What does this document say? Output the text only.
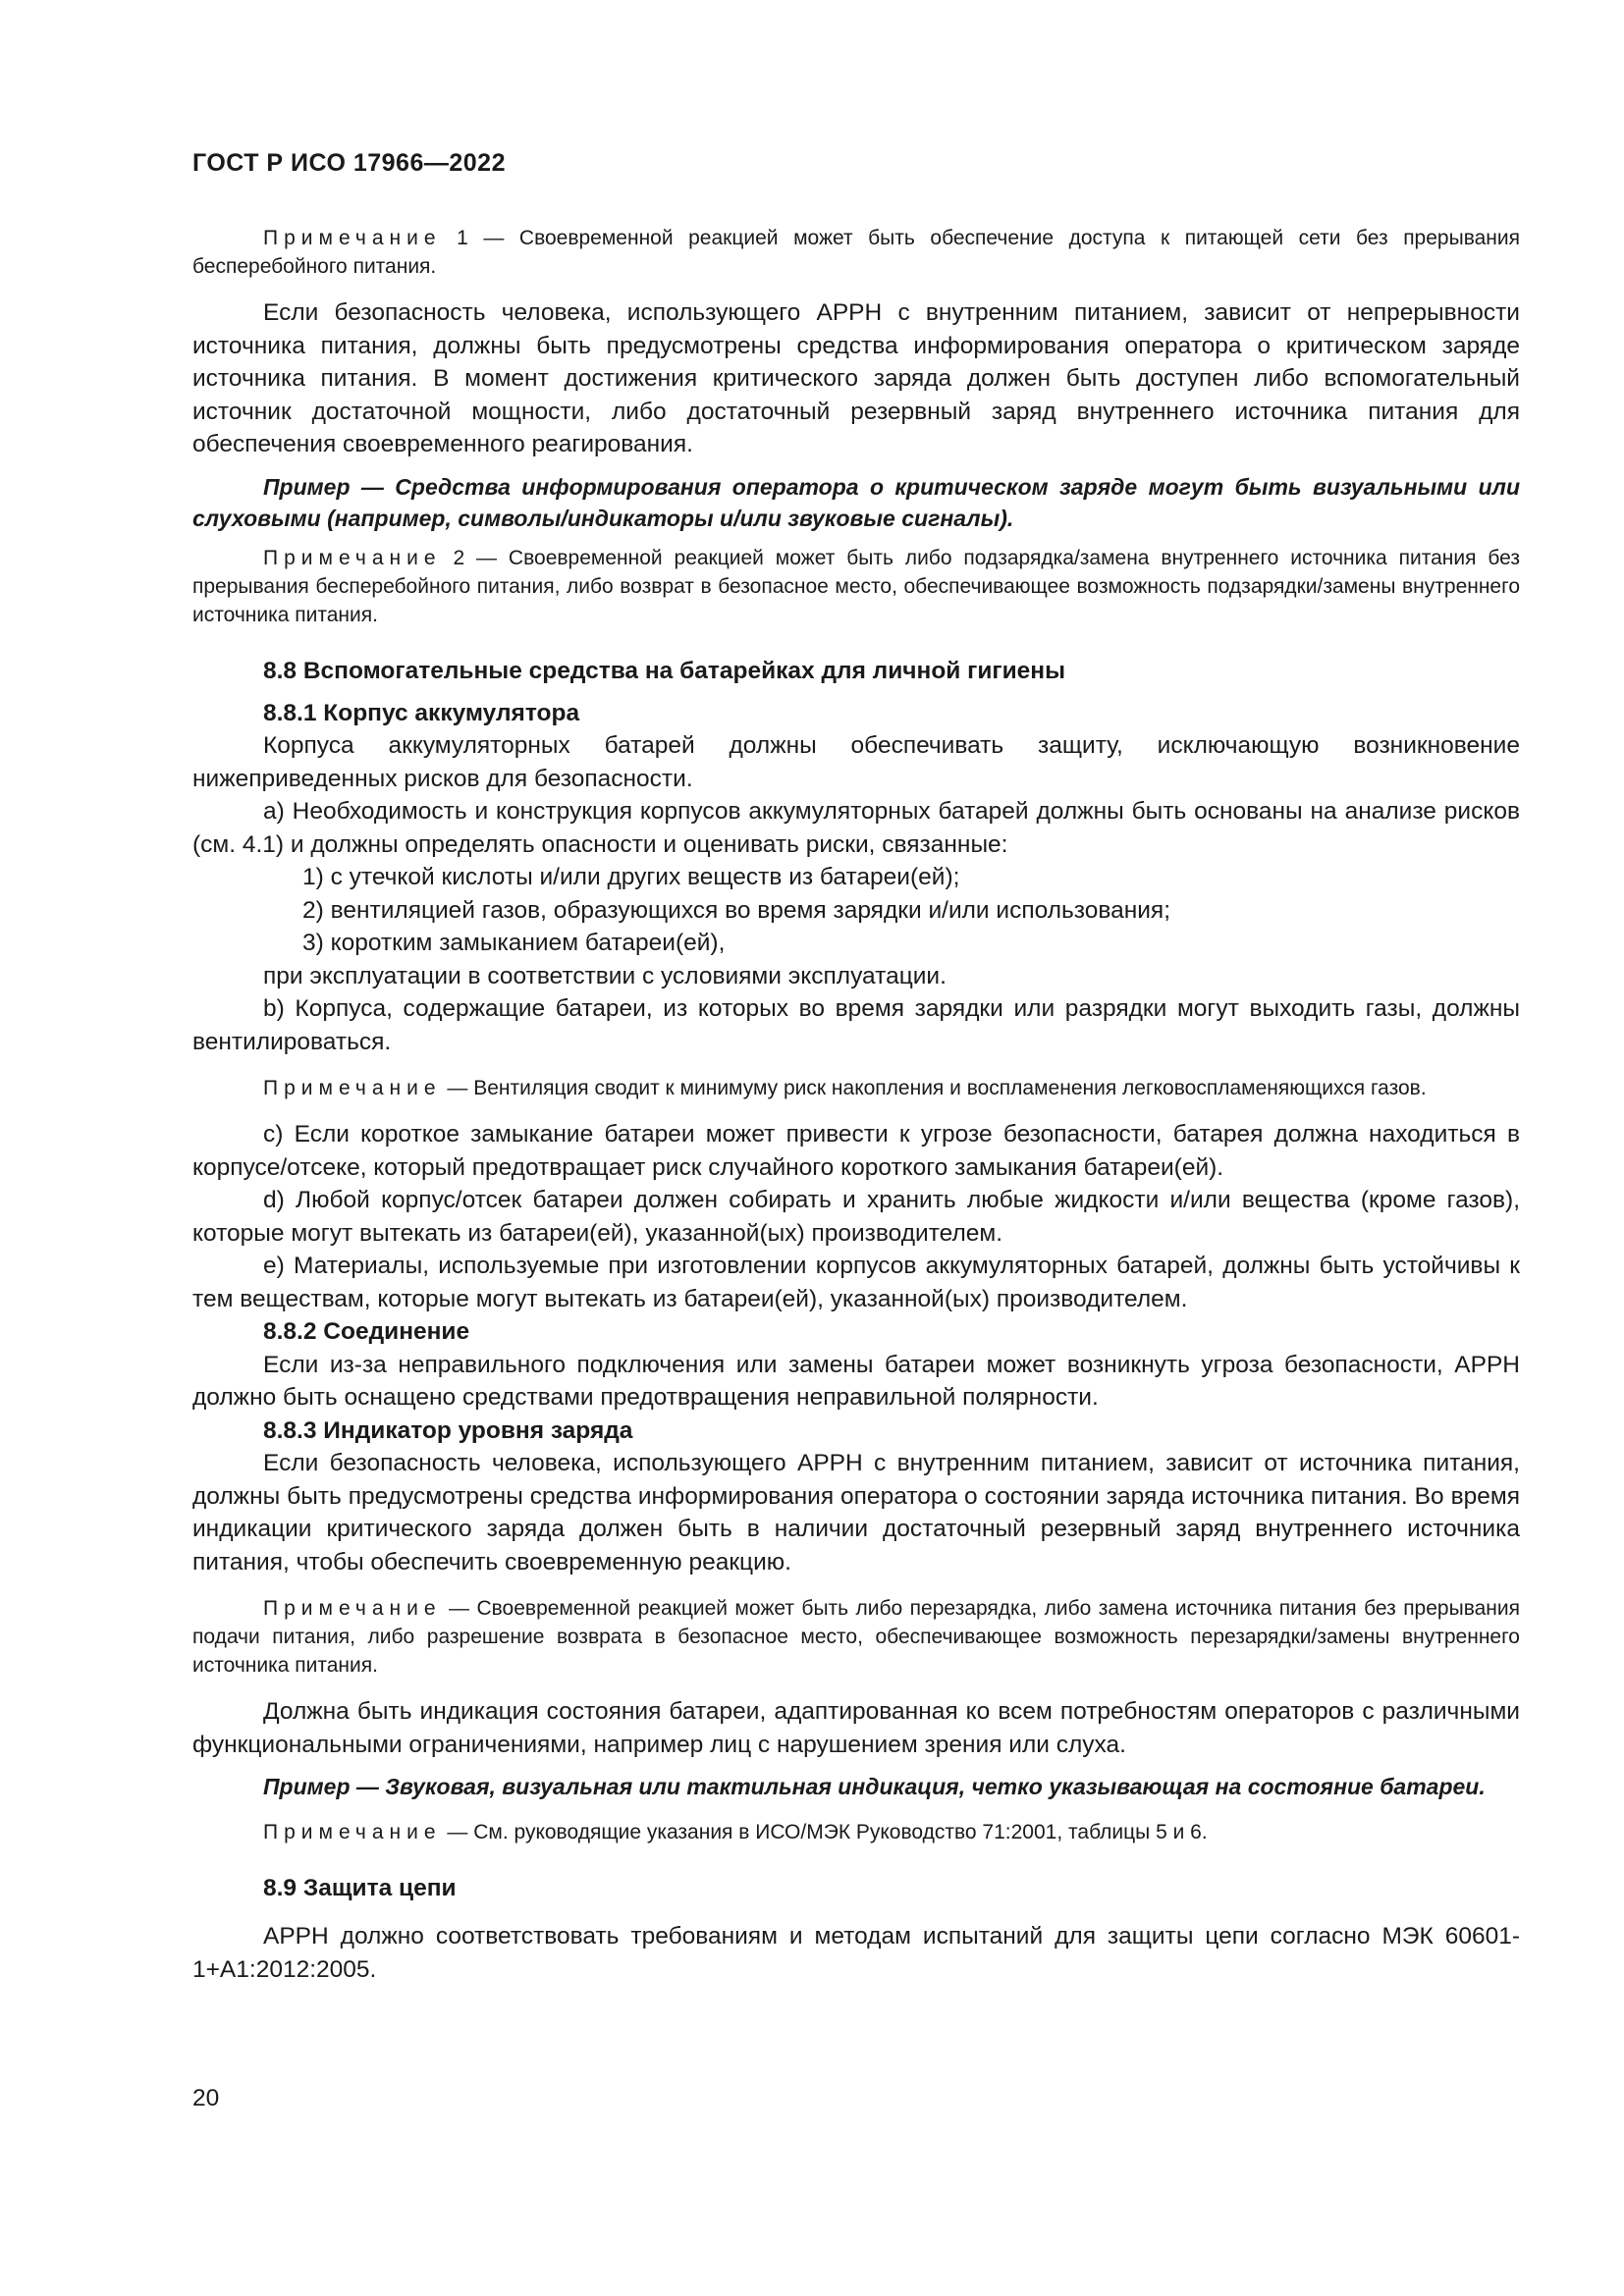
ГОСТ Р ИСО 17966—2022

Примечание 1 — Своевременной реакцией может быть обеспечение доступа к питающей сети без прерывания бесперебойного питания.

Если безопасность человека, использующего АРРН с внутренним питанием, зависит от непрерывности источника питания, должны быть предусмотрены средства информирования оператора о критическом заряде источника питания. В момент достижения критического заряда должен быть доступен либо вспомогательный источник достаточной мощности, либо достаточный резервный заряд внутреннего источника питания для обеспечения своевременного реагирования.

Пример — Средства информирования оператора о критическом заряде могут быть визуальными или слуховыми (например, символы/индикаторы и/или звуковые сигналы).

Примечание 2 — Своевременной реакцией может быть либо подзарядка/замена внутреннего источника питания без прерывания бесперебойного питания, либо возврат в безопасное место, обеспечивающее возможность подзарядки/замены внутреннего источника питания.

8.8 Вспомогательные средства на батарейках для личной гигиены

8.8.1 Корпус аккумулятора

Корпуса аккумуляторных батарей должны обеспечивать защиту, исключающую возникновение нижеприведенных рисков для безопасности.

a) Необходимость и конструкция корпусов аккумуляторных батарей должны быть основаны на анализе рисков (см. 4.1) и должны определять опасности и оценивать риски, связанные:

1) с утечкой кислоты и/или других веществ из батареи(ей);

2) вентиляцией газов, образующихся во время зарядки и/или использования;

3) коротким замыканием батареи(ей),

при эксплуатации в соответствии с условиями эксплуатации.

b) Корпуса, содержащие батареи, из которых во время зарядки или разрядки могут выходить газы, должны вентилироваться.

Примечание — Вентиляция сводит к минимуму риск накопления и воспламенения легковоспламеняющихся газов.

c) Если короткое замыкание батареи может привести к угрозе безопасности, батарея должна находиться в корпусе/отсеке, который предотвращает риск случайного короткого замыкания батареи(ей).

d) Любой корпус/отсек батареи должен собирать и хранить любые жидкости и/или вещества (кроме газов), которые могут вытекать из батареи(ей), указанной(ых) производителем.

e) Материалы, используемые при изготовлении корпусов аккумуляторных батарей, должны быть устойчивы к тем веществам, которые могут вытекать из батареи(ей), указанной(ых) производителем.

8.8.2 Соединение

Если из-за неправильного подключения или замены батареи может возникнуть угроза безопасности, АРРН должно быть оснащено средствами предотвращения неправильной полярности.

8.8.3 Индикатор уровня заряда

Если безопасность человека, использующего АРРН с внутренним питанием, зависит от источника питания, должны быть предусмотрены средства информирования оператора о состоянии заряда источника питания. Во время индикации критического заряда должен быть в наличии достаточный резервный заряд внутреннего источника питания, чтобы обеспечить своевременную реакцию.

Примечание — Своевременной реакцией может быть либо перезарядка, либо замена источника питания без прерывания подачи питания, либо разрешение возврата в безопасное место, обеспечивающее возможность перезарядки/замены внутреннего источника питания.

Должна быть индикация состояния батареи, адаптированная ко всем потребностям операторов с различными функциональными ограничениями, например лиц с нарушением зрения или слуха.

Пример — Звуковая, визуальная или тактильная индикация, четко указывающая на состояние батареи.

Примечание — См. руководящие указания в ИСО/МЭК Руководство 71:2001, таблицы 5 и 6.

8.9 Защита цепи

АРРН должно соответствовать требованиям и методам испытаний для защиты цепи согласно МЭК 60601-1+А1:2012:2005.

20
